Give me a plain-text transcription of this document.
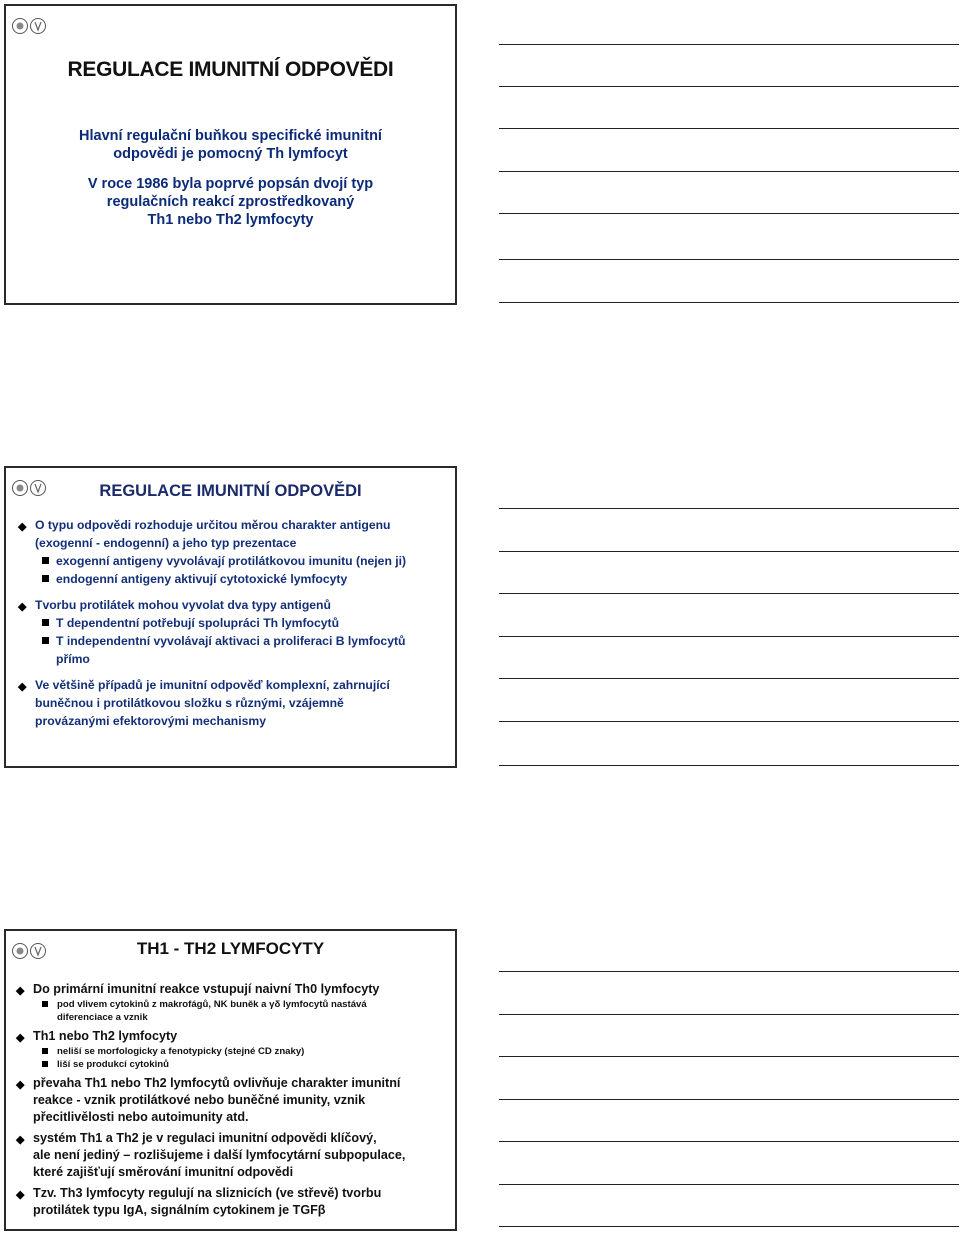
REGULACE IMUNITNÍ ODPOVĚDI
Hlavní regulační buňkou specifické imunitní
odpovědi je pomocný Th lymfocyt
V roce 1986 byla poprvé popsán dvojí typ
regulačních reakcí zprostředkovaný
Th1 nebo Th2 lymfocyty
REGULACE IMUNITNÍ ODPOVĚDI
◆ O typu odpovědi rozhoduje určitou měrou charakter antigenu
(exogenní - endogenní) a jeho typ prezentace
exogenní antigeny vyvolávají protilátkovou imunitu (nejen ji)
endogenní antigeny aktivují cytotoxické lymfocyty
◆ Tvorbu protilátek mohou vyvolat dva typy antigenů
T dependentní potřebují spolupráci Th lymfocytů
T independentní vyvolávají aktivaci a proliferaci B lymfocytů
přímo
◆ Ve většině případů je imunitní odpověď komplexní, zahrnující
buněčnou i protilátkovou složku s různými, vzájemně
provázanými efektorovými mechanismy
TH1 - TH2 LYMFOCYTY
◆ Do primární imunitní reakce vstupují naivní Th0 lymfocyty
pod vlivem cytokinů z makrofágů, NK buněk a γδ lymfocytů nastává
diferenciace a vznik
◆ Th1 nebo Th2 lymfocyty
neliší se morfologicky a fenotypicky (stejné CD znaky)
liší se produkcí cytokinů
◆ převaha Th1 nebo Th2 lymfocytů ovlivňuje charakter imunitní
reakce - vznik protilátkové nebo buněčné imunity, vznik
přecitlivělosti nebo autoimunity atd.
◆ systém Th1 a Th2 je v regulaci imunitní odpovědi klíčový,
ale není jediný – rozlišujeme i další lymfocytární subpopulace,
které zajišťují směrování imunitní odpovědi
◆ Tzv. Th3 lymfocyty regulují na sliznicích (ve střevě) tvorbu
protilátek typu IgA, signálním cytokinem je TGFβ
